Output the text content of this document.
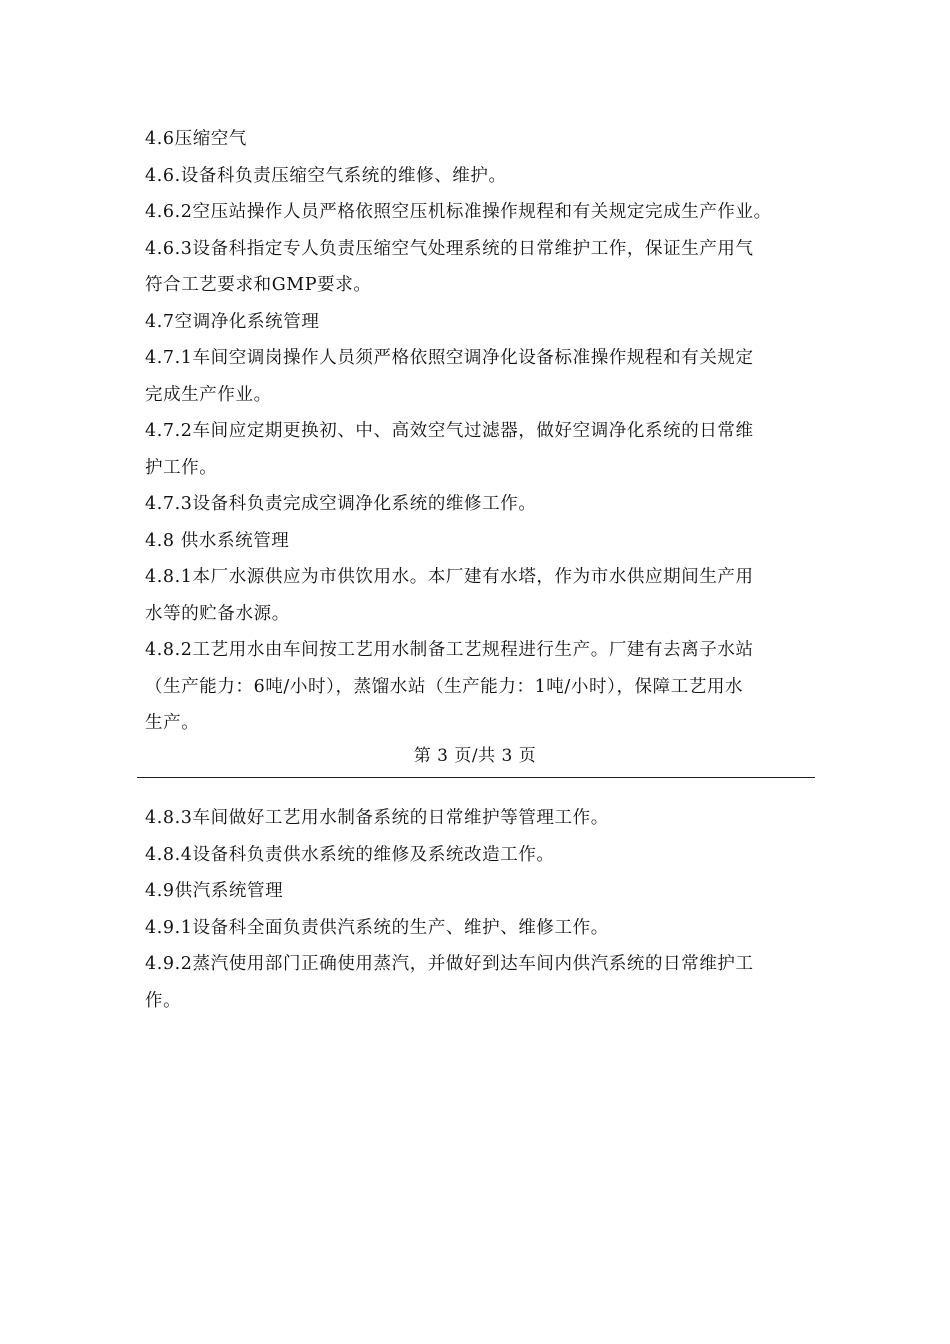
4.6压缩空气
4.6.设备科负责压缩空气系统的维修、维护。
4.6.2空压站操作人员严格依照空压机标准操作规程和有关规定完成生产作业。
4.6.3设备科指定专人负责压缩空气处理系统的日常维护工作，保证生产用气
符合工艺要求和GMP要求。
4.7空调净化系统管理
4.7.1车间空调岗操作人员须严格依照空调净化设备标准操作规程和有关规定
完成生产作业。
4.7.2车间应定期更换初、中、高效空气过滤器，做好空调净化系统的日常维
护工作。
4.7.3设备科负责完成空调净化系统的维修工作。
4.8 供水系统管理
4.8.1本厂水源供应为市供饮用水。本厂建有水塔，作为市水供应期间生产用
水等的贮备水源。
4.8.2工艺用水由车间按工艺用水制备工艺规程进行生产。厂建有去离子水站
（生产能力：6吨/小时），蒸馏水站（生产能力：1吨/小时），保障工艺用水
生产。
第 3 页/共 3 页
4.8.3车间做好工艺用水制备系统的日常维护等管理工作。
4.8.4设备科负责供水系统的维修及系统改造工作。
4.9供汽系统管理
4.9.1设备科全面负责供汽系统的生产、维护、维修工作。
4.9.2蒸汽使用部门正确使用蒸汽，并做好到达车间内供汽系统的日常维护工
作。
